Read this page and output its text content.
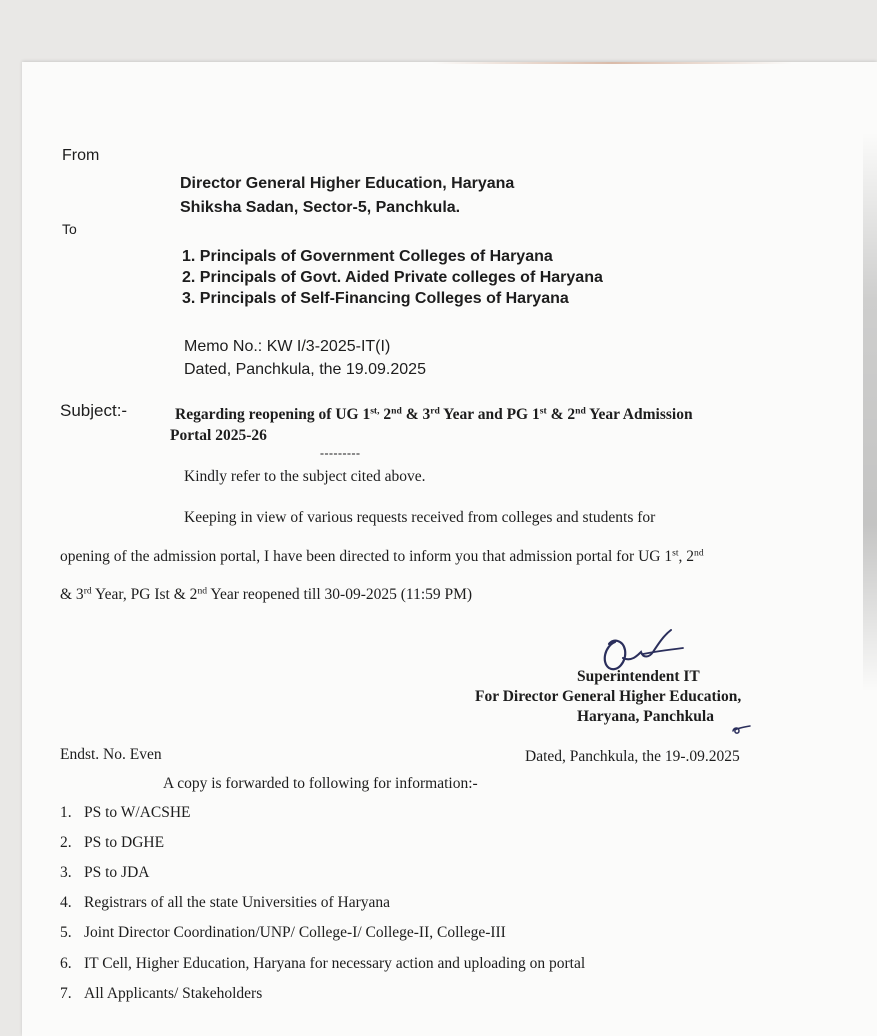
From
Director General Higher Education, Haryana
Shiksha Sadan, Sector-5, Panchkula.
To
1. Principals of Government Colleges of Haryana
2. Principals of Govt. Aided Private colleges of Haryana
3. Principals of Self-Financing Colleges of Haryana
Memo No.: KW I/3-2025-IT(I)
Dated, Panchkula, the 19.09.2025
Subject:-	Regarding reopening of UG $1^{st,}$ 2nd & 3rd Year and PG 1st & 2nd Year Admission
Portal 2025-26
---------
Kindly refer to the subject cited above.
Keeping in view of various requests received from colleges and students for
opening of the admission portal, I have been directed to inform you that admission portal for UG 1st, 2nd
& 3rd Year, PG Ist & 2nd Year reopened till 30-09-2025 (11:59 PM)
Superintendent IT
For Director General Higher Education,
Haryana, Panchkula
Endst. No. Even	Dated, Panchkula, the 19-.09.2025
A copy is forwarded to following for information:-
1. PS to W/ACSHE
2. PS to DGHE
3. PS to JDA
4. Registrars of all the state Universities of Haryana
5. Joint Director Coordination/UNP/ College-I/ College-II, College-III
6. IT Cell, Higher Education, Haryana for necessary action and uploading on portal
7. All Applicants/ Stakeholders
